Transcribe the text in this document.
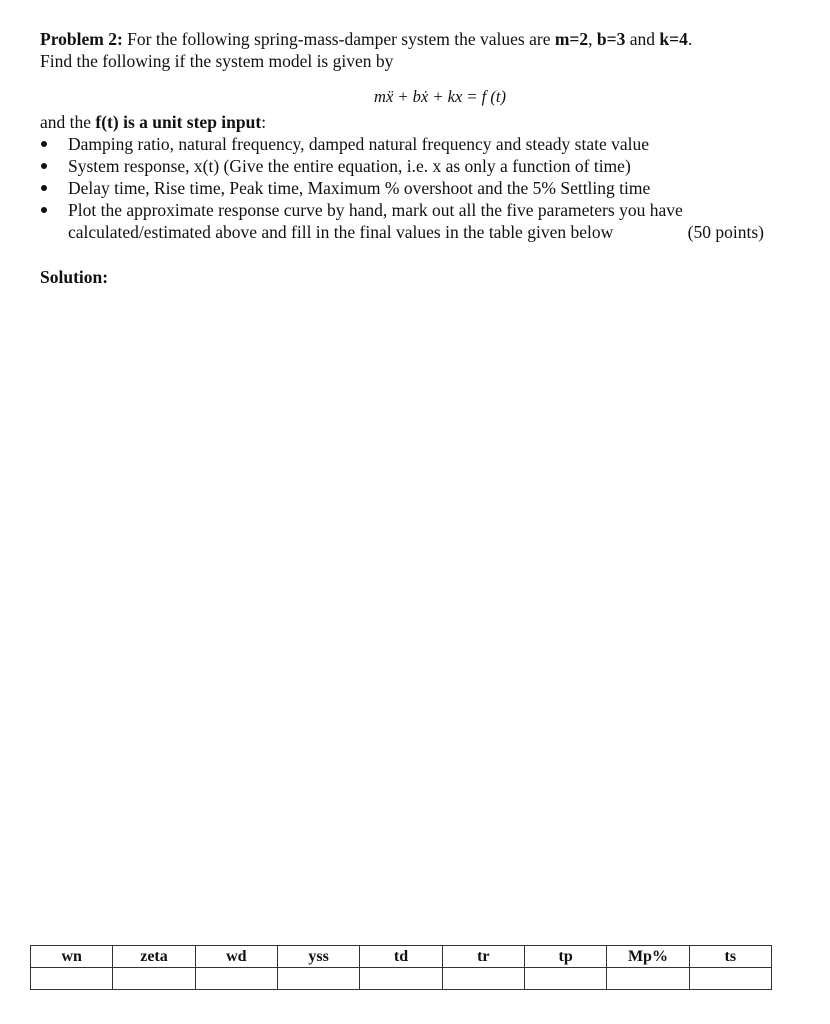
Problem 2: For the following spring-mass-damper system the values are m=2, b=3 and k=4.

Find the following if the system model is given by

mẍ + bẋ + kx = f (t)
and the f(t) is a unit step input:
Damping ratio, natural frequency, damped natural frequency and steady state value
System response, x(t) (Give the entire equation, i.e. x as only a function of time)
Delay time, Rise time, Peak time, Maximum % overshoot and the 5% Settling time
Plot the approximate response curve by hand, mark out all the five parameters you have
calculated/estimated above and fill in the final values in the table given below	(50 points)
Solution:
wn	zeta	wd	yss	td	tr	tp	Mp%	ts
